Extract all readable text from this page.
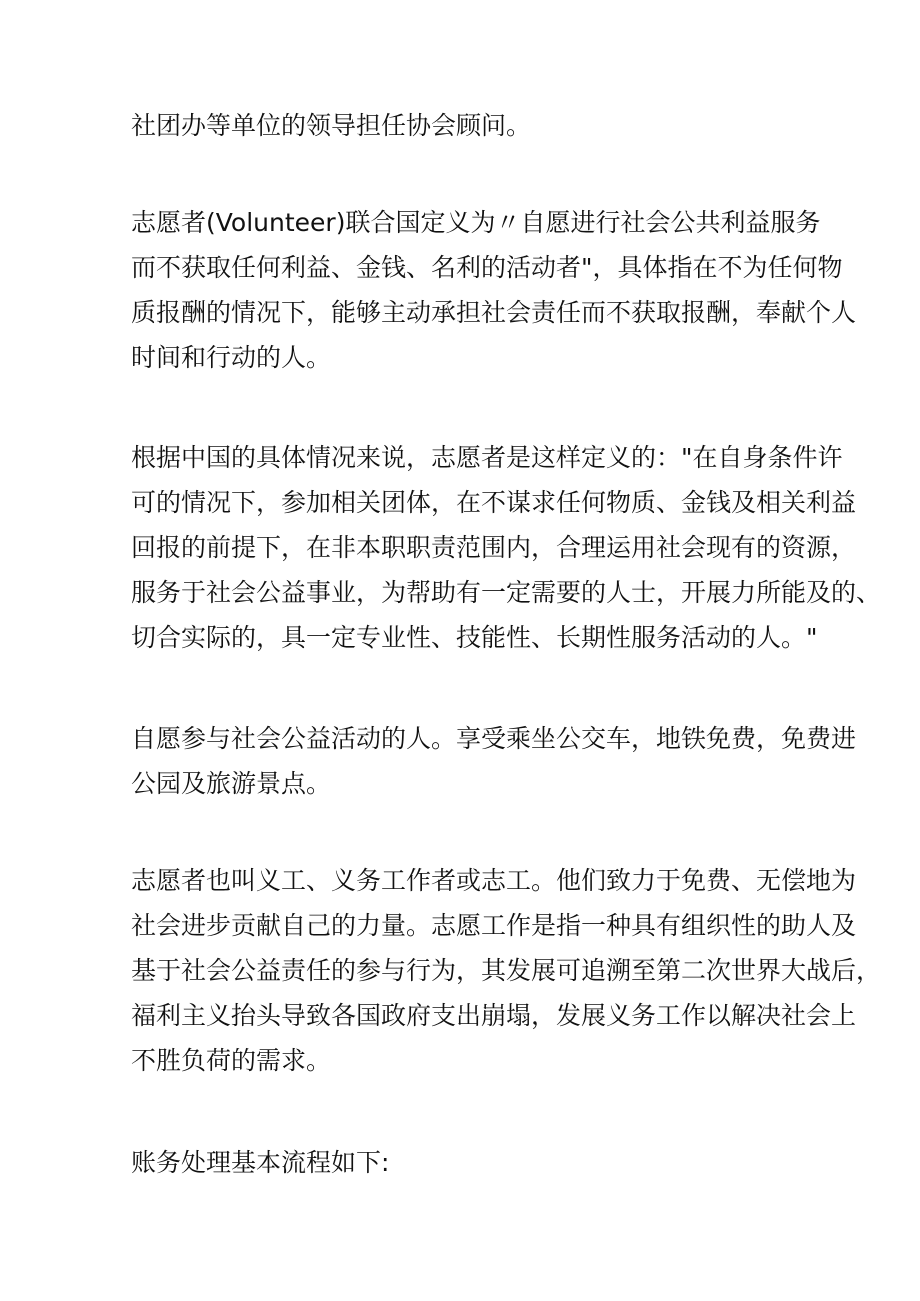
社团办等单位的领导担任协会顾问。

志愿者(Volunteer)联合国定义为〃自愿进行社会公共利益服务
而不获取任何利益、金钱、名利的活动者"，具体指在不为任何物
质报酬的情况下，能够主动承担社会责任而不获取报酬，奉献个人
时间和行动的人。

根据中国的具体情况来说，志愿者是这样定义的："在自身条件许
可的情况下，参加相关团体，在不谋求任何物质、金钱及相关利益
回报的前提下，在非本职职责范围内，合理运用社会现有的资源，
服务于社会公益事业，为帮助有一定需要的人士，开展力所能及的、
切合实际的，具一定专业性、技能性、长期性服务活动的人。"

自愿参与社会公益活动的人。享受乘坐公交车，地铁免费，免费进
公园及旅游景点。

志愿者也叫义工、义务工作者或志工。他们致力于免费、无偿地为
社会进步贡献自己的力量。志愿工作是指一种具有组织性的助人及
基于社会公益责任的参与行为，其发展可追溯至第二次世界大战后，
福利主义抬头导致各国政府支出崩塌，发展义务工作以解决社会上
不胜负荷的需求。

账务处理基本流程如下:
